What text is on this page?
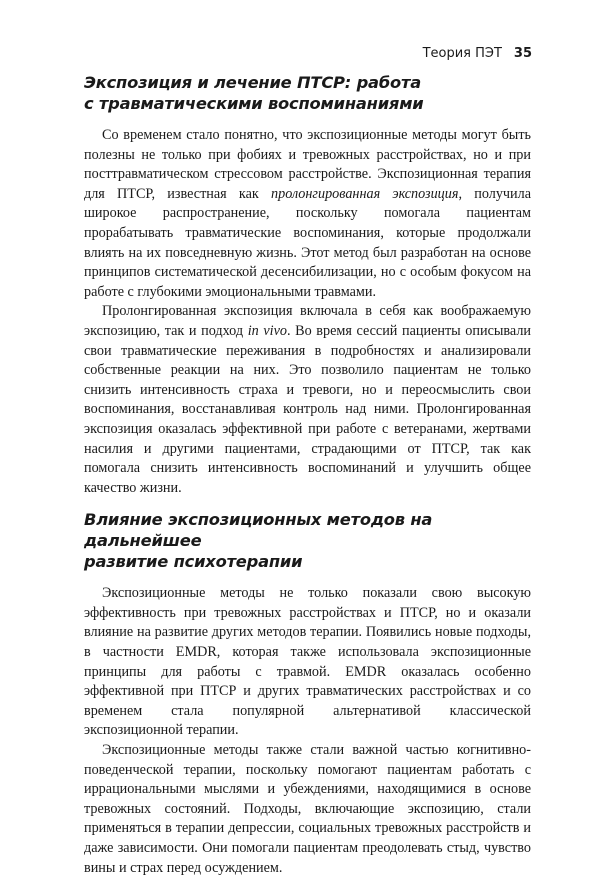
Теория ПЭТ 35
Экспозиция и лечение ПТСР: работа
с травматическими воспоминаниями

Со временем стало понятно, что экспозиционные методы могут быть полезны не только при фобиях и тревожных расстройствах, но и при посттравматическом стрессовом расстройстве. Экспозиционная терапия для ПТСР, известная как пролонгированная экспозиция, получила широкое распространение, поскольку помогала пациентам прорабатывать травматические воспоминания, которые продолжали влиять на их повседневную жизнь. Этот метод был разработан на основе принципов систематической десенсибилизации, но с особым фокусом на работе с глубокими эмоциональными травмами.

Пролонгированная экспозиция включала в себя как воображаемую экспозицию, так и подход in vivo. Во время сессий пациенты описывали свои травматические переживания в подробностях и анализировали собственные реакции на них. Это позволило пациентам не только снизить интенсивность страха и тревоги, но и переосмыслить свои воспоминания, восстанавливая контроль над ними. Пролонгированная экспозиция оказалась эффективной при работе с ветеранами, жертвами насилия и другими пациентами, страдающими от ПТСР, так как помогала снизить интенсивность воспоминаний и улучшить общее качество жизни.

Влияние экспозиционных методов на дальнейшее
развитие психотерапии

Экспозиционные методы не только показали свою высокую эффективность при тревожных расстройствах и ПТСР, но и оказали влияние на развитие других методов терапии. Появились новые подходы, в частности EMDR, которая также использовала экспозиционные принципы для работы с травмой. EMDR оказалась особенно эффективной при ПТСР и других травматических расстройствах и со временем стала популярной альтернативой классической экспозиционной терапии.

Экспозиционные методы также стали важной частью когнитивно-поведенческой терапии, поскольку помогают пациентам работать с иррациональными мыслями и убеждениями, находящимися в основе тревожных состояний. Подходы, включающие экспозицию, стали применяться в терапии депрессии, социальных тревожных расстройств и даже зависимости. Они помогали пациентам преодолевать стыд, чувство вины и страх перед осуждением.
